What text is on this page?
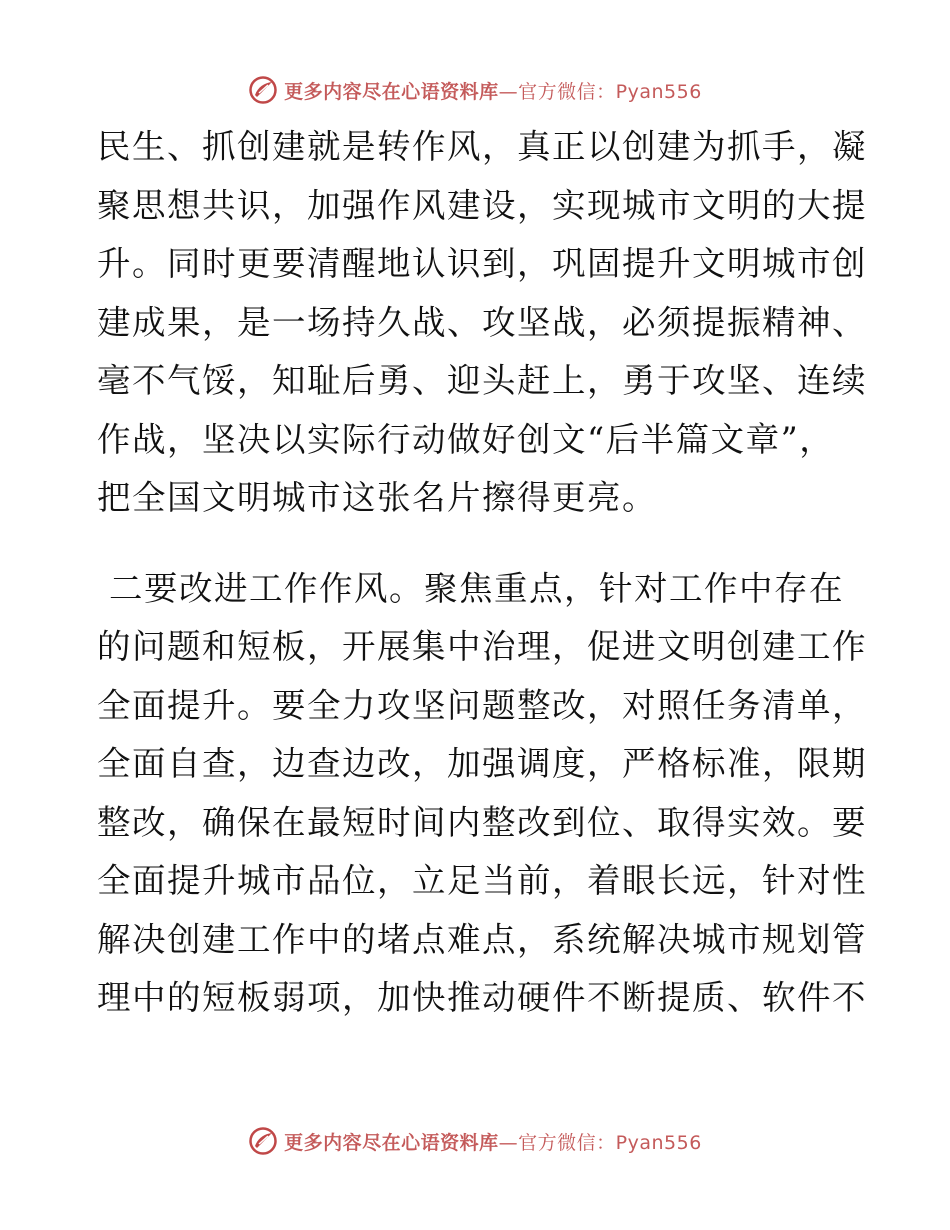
更多内容尽在心语资料库—官方微信：Pyan556
民生、抓创建就是转作风，真正以创建为抓手，凝
聚思想共识，加强作风建设，实现城市文明的大提
升。同时更要清醒地认识到，巩固提升文明城市创
建成果，是一场持久战、攻坚战，必须提振精神、
毫不气馁，知耻后勇、迎头赶上，勇于攻坚、连续
作战，坚决以实际行动做好创文“后半篇文章”，
把全国文明城市这张名片擦得更亮。
二要改进工作作风。聚焦重点，针对工作中存在
的问题和短板，开展集中治理，促进文明创建工作
全面提升。要全力攻坚问题整改，对照任务清单，
全面自查，边查边改，加强调度，严格标准，限期
整改，确保在最短时间内整改到位、取得实效。要
全面提升城市品位，立足当前，着眼长远，针对性
解决创建工作中的堵点难点，系统解决城市规划管
理中的短板弱项，加快推动硬件不断提质、软件不
更多内容尽在心语资料库—官方微信：Pyan556
